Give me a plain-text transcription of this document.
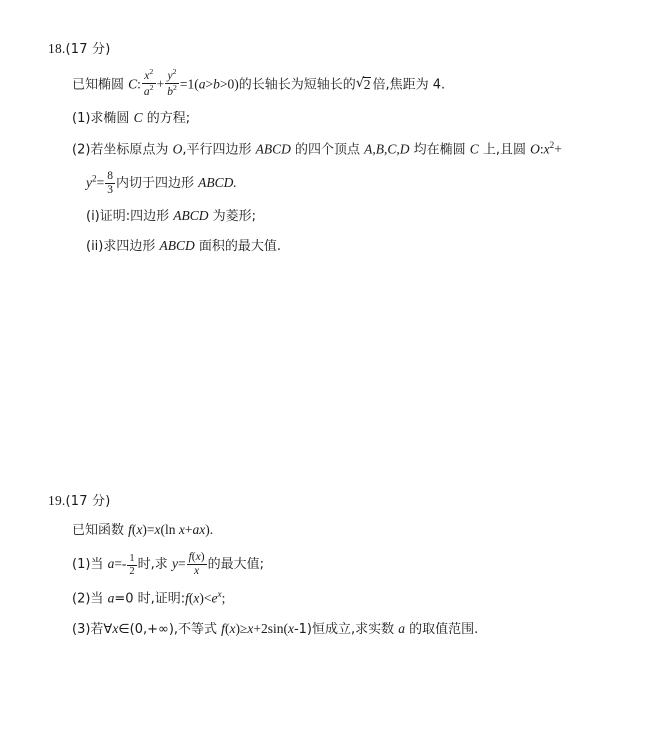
18.(17 分)
已知椭圆 C: $\frac{x^2}{a^2} + \frac{y^2}{b^2} =1(a>b>0)$的长轴长为短轴长的 √ 2 倍,焦距为 4.
(1)求椭圆 C 的方程;
(2)若坐标原点为 O,平行四边形 ABCD 的四个顶点 A,B,C,D 均在椭圆 C 上,且圆 $O:x^2+$
$y^2= \frac{8}{3}$ 内切于四边形 ABCD.
(i)证明:四边形 ABCD 为菱形;
(ii)求四边形 ABCD 面积的最大值.
19.(17 分)
已知函数 f(x)=x(ln x+ax).
(1)当 $a=- \frac{1}{2}$ 时,求 $y= \frac{f(x)}{x}$ 的最大值;
(2)当 a=0 时,证明$:f(x)<e^x$;
(3)若∀x∈(0,+∞),不等式 f(x)≥x+2sin(x-1)恒成立,求实数 a 的取值范围.
